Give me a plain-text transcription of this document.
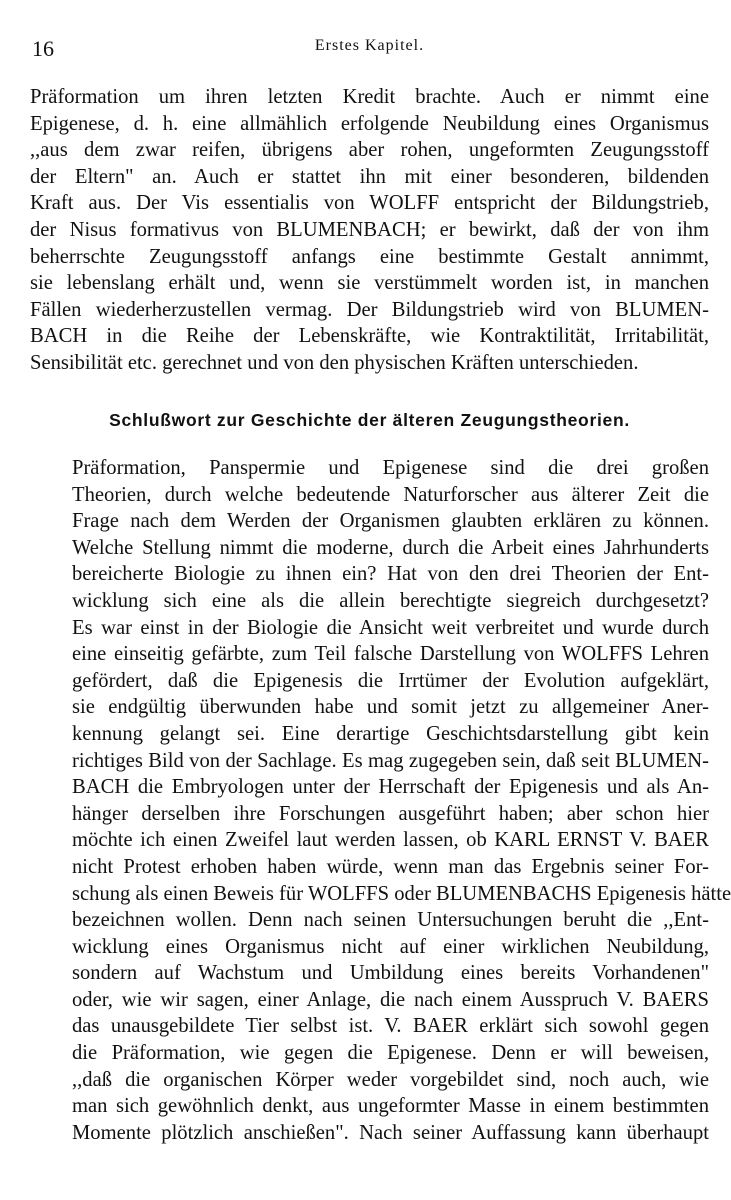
16	Erstes Kapitel.

Präformation um ihren letzten Kredit brachte. Auch er nimmt eine
Epigenese, d. h. eine allmählich erfolgende Neubildung eines Organismus
,,aus dem zwar reifen, übrigens aber rohen, ungeformten Zeugungsstoff
der Eltern" an. Auch er stattet ihn mit einer besonderen, bildenden
Kraft aus. Der Vis essentialis von WOLFF entspricht der Bildungstrieb,
der Nisus formativus von BLUMENBACH; er bewirkt, daß der von ihm
beherrschte Zeugungsstoff anfangs eine bestimmte Gestalt annimmt,
sie lebenslang erhält und, wenn sie verstümmelt worden ist, in manchen
Fällen wiederherzustellen vermag. Der Bildungstrieb wird von BLUMEN-
BACH in die Reihe der Lebenskräfte, wie Kontraktilität, Irritabilität,
Sensibilität etc. gerechnet und von den physischen Kräften unterschieden.

Schlußwort zur Geschichte der älteren Zeugungstheorien.

Präformation, Panspermie und Epigenese sind die drei großen
Theorien, durch welche bedeutende Naturforscher aus älterer Zeit die
Frage nach dem Werden der Organismen glaubten erklären zu können.
Welche Stellung nimmt die moderne, durch die Arbeit eines Jahrhunderts
bereicherte Biologie zu ihnen ein? Hat von den drei Theorien der Ent-
wicklung sich eine als die allein berechtigte siegreich durchgesetzt?
Es war einst in der Biologie die Ansicht weit verbreitet und wurde durch
eine einseitig gefärbte, zum Teil falsche Darstellung von WOLFFS Lehren
gefördert, daß die Epigenesis die Irrtümer der Evolution aufgeklärt,
sie endgültig überwunden habe und somit jetzt zu allgemeiner Aner-
kennung gelangt sei. Eine derartige Geschichtsdarstellung gibt kein
richtiges Bild von der Sachlage. Es mag zugegeben sein, daß seit BLUMEN-
BACH die Embryologen unter der Herrschaft der Epigenesis und als An-
hänger derselben ihre Forschungen ausgeführt haben; aber schon hier
möchte ich einen Zweifel laut werden lassen, ob KARL ERNST V. BAER
nicht Protest erhoben haben würde, wenn man das Ergebnis seiner For-
schung als einen Beweis für WOLFFS oder BLUMENBACHS Epigenesis hätte
bezeichnen wollen. Denn nach seinen Untersuchungen beruht die ,,Ent-
wicklung eines Organismus nicht auf einer wirklichen Neubildung,
sondern auf Wachstum und Umbildung eines bereits Vorhandenen"
oder, wie wir sagen, einer Anlage, die nach einem Ausspruch V. BAERS
das unausgebildete Tier selbst ist. V. BAER erklärt sich sowohl gegen
die Präformation, wie gegen die Epigenese. Denn er will beweisen,
,,daß die organischen Körper weder vorgebildet sind, noch auch, wie
man sich gewöhnlich denkt, aus ungeformter Masse in einem bestimmten
Momente plötzlich anschießen". Nach seiner Auffassung kann überhaupt
